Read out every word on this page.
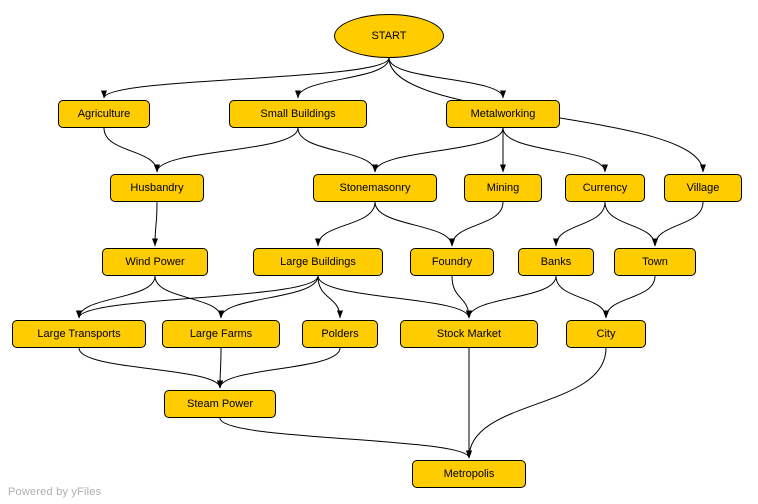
START
Agriculture	Small Buildings	Metalworking
Husbandry	Stonemasonry	Mining	Currency	Village
Wind Power	Large Buildings	Foundry	Banks	Town
Large Transports	Large Farms	Polders	Stock Market	City
Steam Power
Metropolis
Powered by yFiles
